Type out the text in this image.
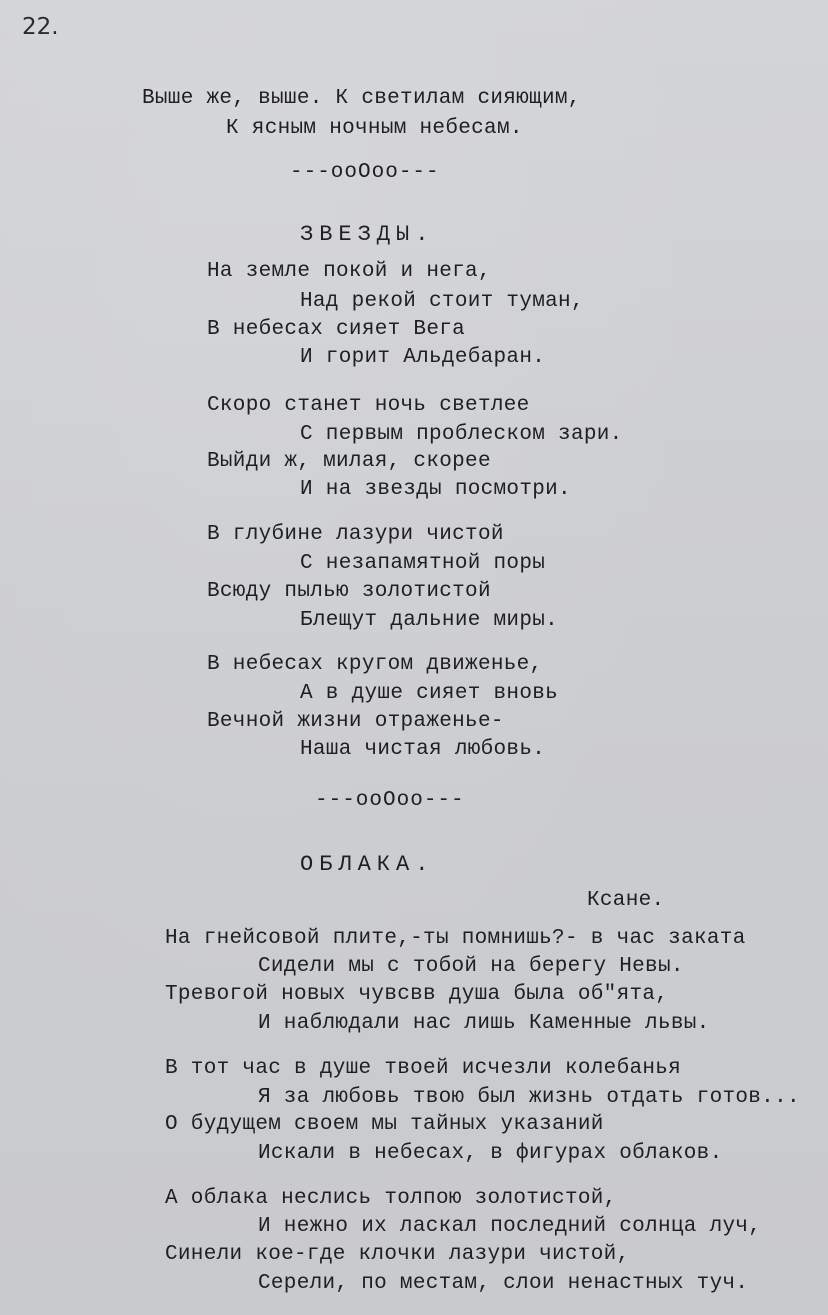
22.
Выше же, выше. К светилам сияющим,
К ясным ночным небесам.
---ooOoo---
ЗВЕЗДЫ.
На земле покой и нега,
Над рекой стоит туман,
В небесах сияет Вега
И горит Альдебаран.
Скоро станет ночь светлее
С первым проблеском зари.
Выйди ж, милая, скорее
И на звезды посмотри.
В глубине лазури чистой
С незапамятной поры
Всюду пылью золотистой
Блещут дальние миры.
В небесах кругом движенье,
А в душе сияет вновь
Вечной жизни отраженье-
Наша чистая любовь.
---ooOoo---
ОБЛАКА.
Ксане.
На гнейсовой плите,-ты помнишь?- в час заката
Сидели мы с тобой на берегу Невы.
Тревогой новых чувсвв душа была об"ята,
И наблюдали нас лишь Каменные львы.
В тот час в душе твоей исчезли колебанья
Я за любовь твою был жизнь отдать готов...
О будущем своем мы тайных указаний
Искали в небесах, в фигурах облаков.
А облака неслись толпою золотистой,
И нежно их ласкал последний солнца луч,
Синели кое-где клочки лазури чистой,
Серели, по местам, слои ненастных туч.
